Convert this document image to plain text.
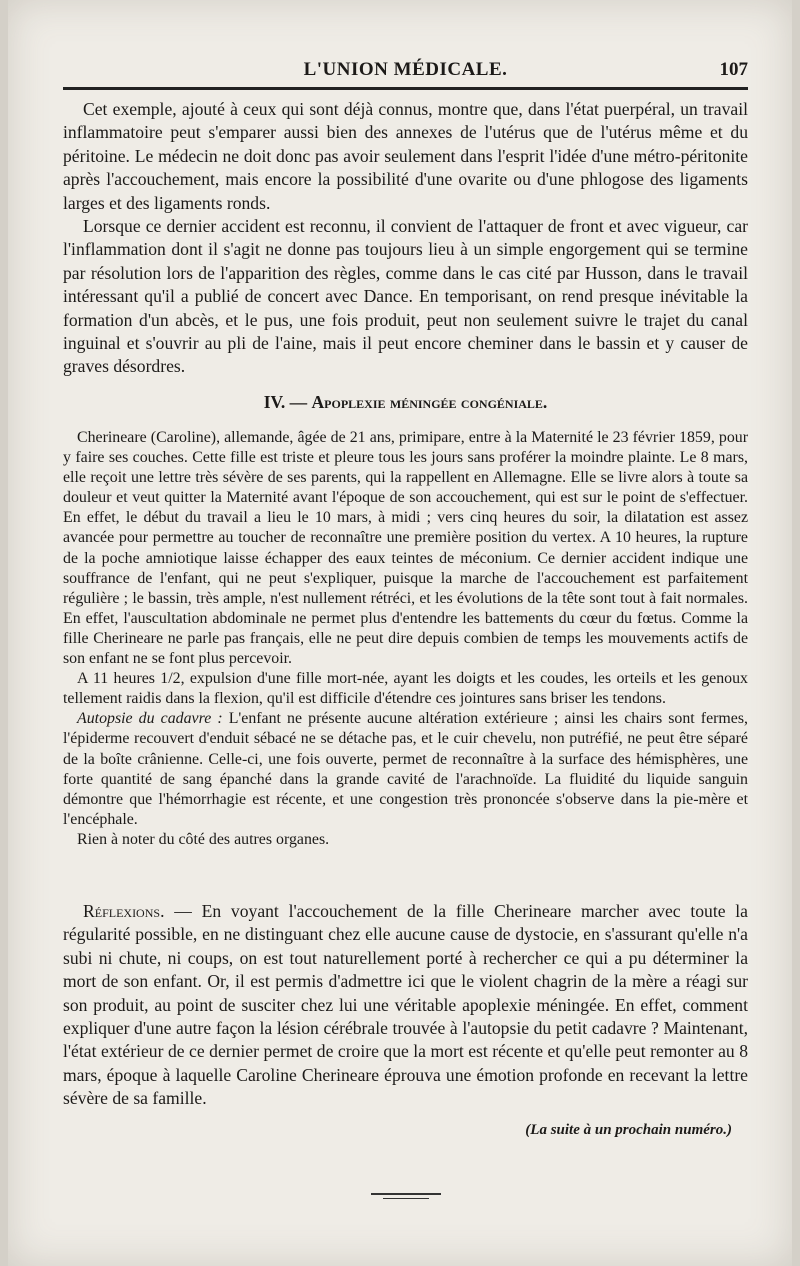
L'UNION MÉDICALE.	107

Cet exemple, ajouté à ceux qui sont déjà connus, montre que, dans l'état puerpéral, un travail inflammatoire peut s'emparer aussi bien des annexes de l'utérus que de l'utérus même et du péritoine. Le médecin ne doit donc pas avoir seulement dans l'esprit l'idée d'une métro-péritonite après l'accouchement, mais encore la possibilité d'une ovarite ou d'une phlogose des ligaments larges et des ligaments ronds.

Lorsque ce dernier accident est reconnu, il convient de l'attaquer de front et avec vigueur, car l'inflammation dont il s'agit ne donne pas toujours lieu à un simple engorgement qui se termine par résolution lors de l'apparition des règles, comme dans le cas cité par Husson, dans le travail intéressant qu'il a publié de concert avec Dance. En temporisant, on rend presque inévitable la formation d'un abcès, et le pus, une fois produit, peut non seulement suivre le trajet du canal inguinal et s'ouvrir au pli de l'aine, mais il peut encore cheminer dans le bassin et y causer de graves désordres.

IV. — Apoplexie méningée congéniale.

Cherineare (Caroline), allemande, âgée de 21 ans, primipare, entre à la Maternité le 23 février 1859, pour y faire ses couches. Cette fille est triste et pleure tous les jours sans proférer la moindre plainte. Le 8 mars, elle reçoit une lettre très sévère de ses parents, qui la rappellent en Allemagne. Elle se livre alors à toute sa douleur et veut quitter la Maternité avant l'époque de son accouchement, qui est sur le point de s'effectuer. En effet, le début du travail a lieu le 10 mars, à midi ; vers cinq heures du soir, la dilatation est assez avancée pour permettre au toucher de reconnaître une première position du vertex. A 10 heures, la rupture de la poche amniotique laisse échapper des eaux teintes de méconium. Ce dernier accident indique une souffrance de l'enfant, qui ne peut s'expliquer, puisque la marche de l'accouchement est parfaitement régulière ; le bassin, très ample, n'est nullement rétréci, et les évolutions de la tête sont tout à fait normales. En effet, l'auscultation abdominale ne permet plus d'entendre les battements du cœur du fœtus. Comme la fille Cherineare ne parle pas français, elle ne peut dire depuis combien de temps les mouvements actifs de son enfant ne se font plus percevoir.

A 11 heures 1/2, expulsion d'une fille mort-née, ayant les doigts et les coudes, les orteils et les genoux tellement raidis dans la flexion, qu'il est difficile d'étendre ces jointures sans briser les tendons.

Autopsie du cadavre : L'enfant ne présente aucune altération extérieure ; ainsi les chairs sont fermes, l'épiderme recouvert d'enduit sébacé ne se détache pas, et le cuir chevelu, non putréfié, ne peut être séparé de la boîte crânienne. Celle-ci, une fois ouverte, permet de reconnaître à la surface des hémisphères, une forte quantité de sang épanché dans la grande cavité de l'arachnoïde. La fluidité du liquide sanguin démontre que l'hémorrhagie est récente, et une congestion très prononcée s'observe dans la pie-mère et l'encéphale.

Rien à noter du côté des autres organes.

Réflexions. — En voyant l'accouchement de la fille Cherineare marcher avec toute la régularité possible, en ne distinguant chez elle aucune cause de dystocie, en s'assurant qu'elle n'a subi ni chute, ni coups, on est tout naturellement porté à rechercher ce qui a pu déterminer la mort de son enfant. Or, il est permis d'admettre ici que le violent chagrin de la mère a réagi sur son produit, au point de susciter chez lui une véritable apoplexie méningée. En effet, comment expliquer d'une autre façon la lésion cérébrale trouvée à l'autopsie du petit cadavre ? Maintenant, l'état extérieur de ce dernier permet de croire que la mort est récente et qu'elle peut remonter au 8 mars, époque à laquelle Caroline Cherineare éprouva une émotion profonde en recevant la lettre sévère de sa famille.

(La suite à un prochain numéro.)
